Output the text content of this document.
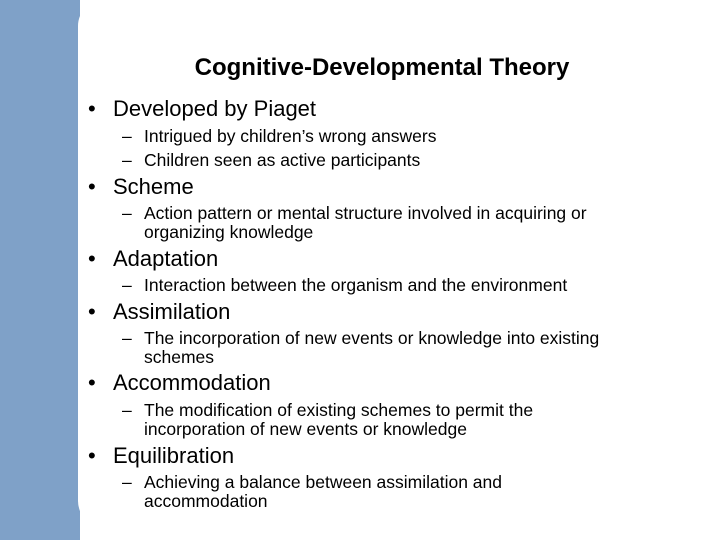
Cognitive-Developmental Theory
• Developed by Piaget
– Intrigued by children’s wrong answers
– Children seen as active participants
• Scheme
– Action pattern or mental structure involved in acquiring or
organizing knowledge
• Adaptation
– Interaction between the organism and the environment
• Assimilation
– The incorporation of new events or knowledge into existing
schemes
• Accommodation
– The modification of existing schemes to permit the
incorporation of new events or knowledge
• Equilibration
– Achieving a balance between assimilation and
accommodation
